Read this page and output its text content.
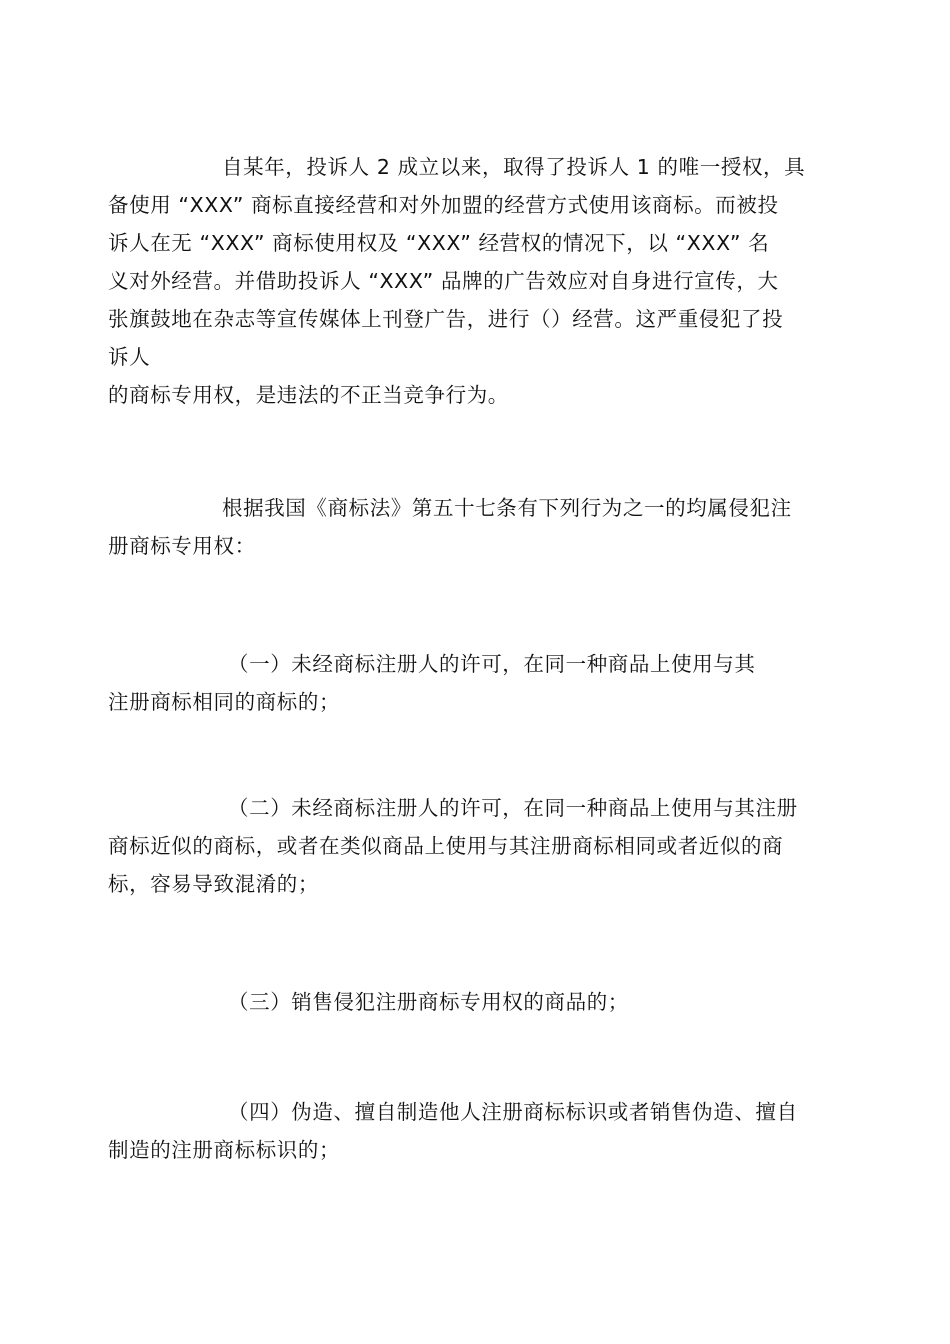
自某年，投诉人 2 成立以来，取得了投诉人 1 的唯一授权，具
备使用 “XXX” 商标直接经营和对外加盟的经营方式使用该商标。而被投
诉人在无 “XXX” 商标使用权及 “XXX” 经营权的情况下，以 “XXX” 名
义对外经营。并借助投诉人 “XXX” 品牌的广告效应对自身进行宣传，大
张旗鼓地在杂志等宣传媒体上刊登广告，进行（）经营。这严重侵犯了投
诉人
的商标专用权，是违法的不正当竞争行为。
根据我国《商标法》第五十七条有下列行为之一的均属侵犯注
册商标专用权：
（一）未经商标注册人的许可，在同一种商品上使用与其
注册商标相同的商标的；
（二）未经商标注册人的许可，在同一种商品上使用与其注册
商标近似的商标，或者在类似商品上使用与其注册商标相同或者近似的商
标，容易导致混淆的；
（三）销售侵犯注册商标专用权的商品的；
（四）伪造、擅自制造他人注册商标标识或者销售伪造、擅自
制造的注册商标标识的；
